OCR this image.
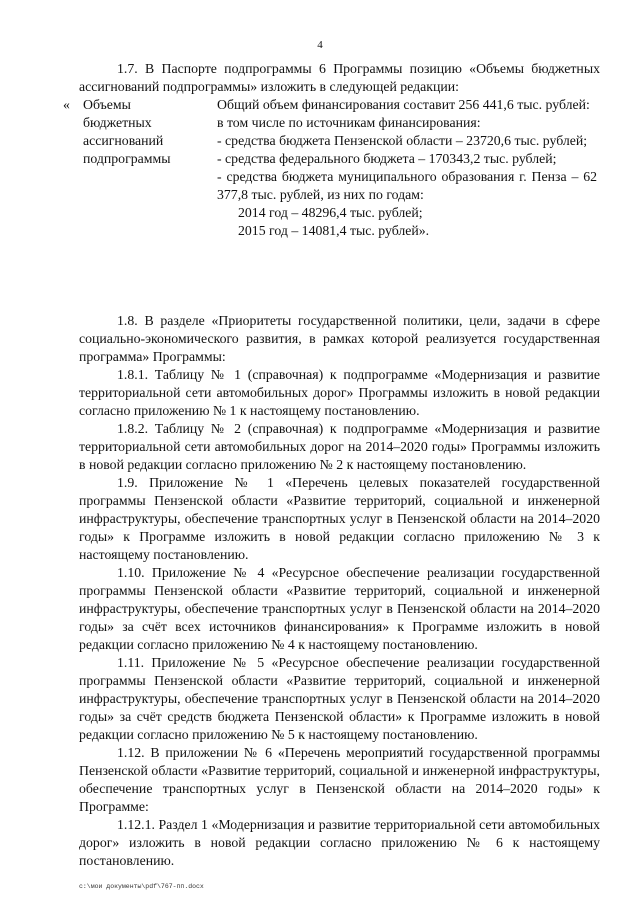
4

1.7. В Паспорте подпрограммы 6 Программы позицию «Объемы бюджетных ассигнований подпрограммы» изложить в следующей редакции:

« Объемы
бюджетных
ассигнований
подпрограммы
Общий объем финансирования составит 256 441,6 тыс. рублей:
в том числе по источникам финансирования:
- средства бюджета Пензенской области – 23720,6 тыс. рублей;
- средства федерального бюджета – 170343,2 тыс. рублей;
- средства бюджета муниципального образования г. Пенза – 62 377,8 тыс. рублей, из них по годам:
2014 год – 48296,4 тыс. рублей;
2015 год – 14081,4 тыс. рублей».

1.8. В разделе «Приоритеты государственной политики, цели, задачи в сфере социально-экономического развития, в рамках которой реализуется государственная программа» Программы:

1.8.1. Таблицу № 1 (справочная) к подпрограмме «Модернизация и развитие территориальной сети автомобильных дорог» Программы изложить в новой редакции согласно приложению № 1 к настоящему постановлению.

1.8.2. Таблицу № 2 (справочная) к подпрограмме «Модернизация и развитие территориальной сети автомобильных дорог на 2014–2020 годы» Программы изложить в новой редакции согласно приложению № 2 к настоящему постановлению.

1.9. Приложение № 1 «Перечень целевых показателей государственной программы Пензенской области «Развитие территорий, социальной и инженерной инфраструктуры, обеспечение транспортных услуг в Пензенской области на 2014–2020 годы» к Программе изложить в новой редакции согласно приложению № 3 к настоящему постановлению.

1.10. Приложение № 4 «Ресурсное обеспечение реализации государственной программы Пензенской области «Развитие территорий, социальной и инженерной инфраструктуры, обеспечение транспортных услуг в Пензенской области на 2014–2020 годы» за счёт всех источников финансирования» к Программе изложить в новой редакции согласно приложению № 4 к настоящему постановлению.

1.11. Приложение № 5 «Ресурсное обеспечение реализации государственной программы Пензенской области «Развитие территорий, социальной и инженерной инфраструктуры, обеспечение транспортных услуг в Пензенской области на 2014–2020 годы» за счёт средств бюджета Пензенской области» к Программе изложить в новой редакции согласно приложению № 5 к настоящему постановлению.

1.12. В приложении № 6 «Перечень мероприятий государственной программы Пензенской области «Развитие территорий, социальной и инженерной инфраструктуры, обеспечение транспортных услуг в Пензенской области на 2014–2020 годы» к Программе:

1.12.1. Раздел 1 «Модернизация и развитие территориальной сети автомобильных дорог» изложить в новой редакции согласно приложению № 6 к настоящему постановлению.

c:\мои документы\pdf\767-пп.docx
